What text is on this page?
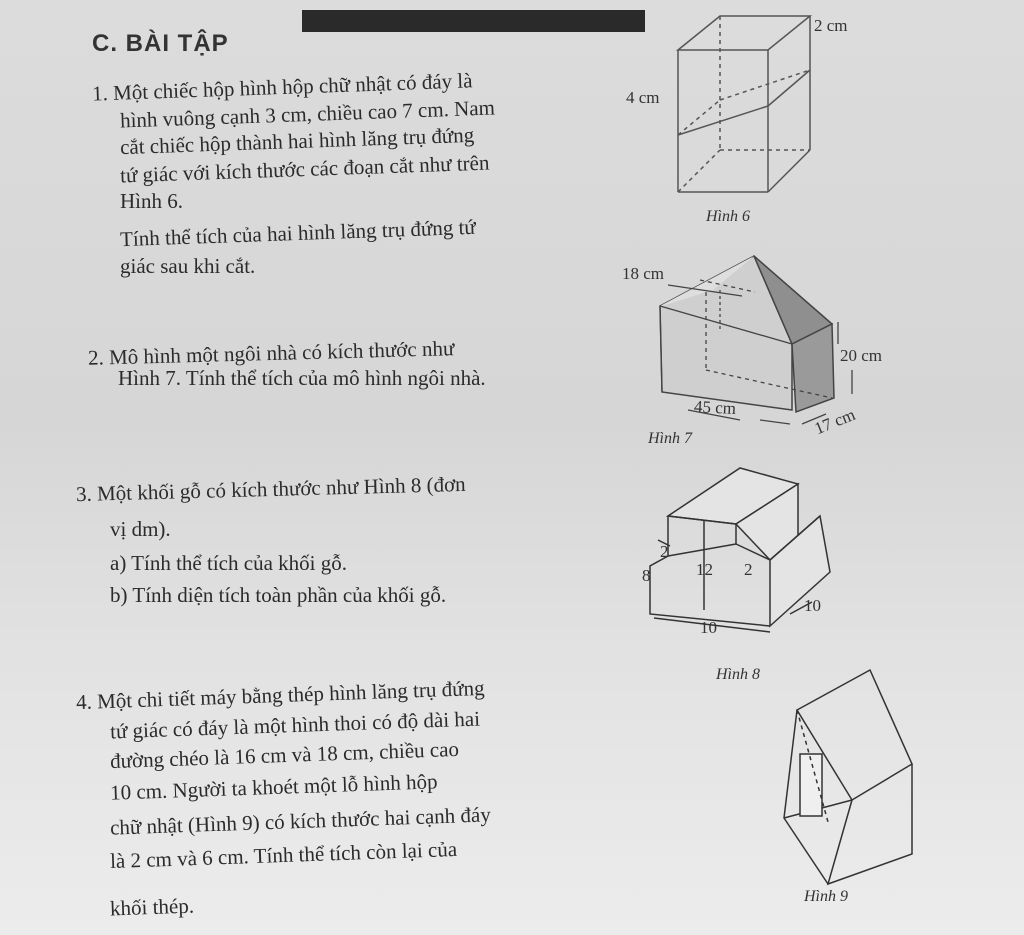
C. BÀI TẬP
1. Một chiếc hộp hình hộp chữ nhật có đáy là
hình vuông cạnh 3 cm, chiều cao 7 cm. Nam
cắt chiếc hộp thành hai hình lăng trụ đứng
tứ giác với kích thước các đoạn cắt như trên
Hình 6.
Tính thể tích của hai hình lăng trụ đứng tứ
giác sau khi cắt.
2 cm
4 cm
Hình 6
2. Mô hình một ngôi nhà có kích thước như
Hình 7. Tính thể tích của mô hình ngôi nhà.
18 cm
20 cm
45 cm	17 cm
Hình 7
3. Một khối gỗ có kích thước như Hình 8 (đơn
vị dm).
a) Tính thể tích của khối gỗ.
b) Tính diện tích toàn phần của khối gỗ.
2
8	12 2
10
10
Hình 8
4. Một chi tiết máy bằng thép hình lăng trụ đứng
tứ giác có đáy là một hình thoi có độ dài hai
đường chéo là 16 cm và 18 cm, chiều cao
10 cm. Người ta khoét một lỗ hình hộp
chữ nhật (Hình 9) có kích thước hai cạnh đáy
là 2 cm và 6 cm. Tính thể tích còn lại của
khối thép.	Hình 9
